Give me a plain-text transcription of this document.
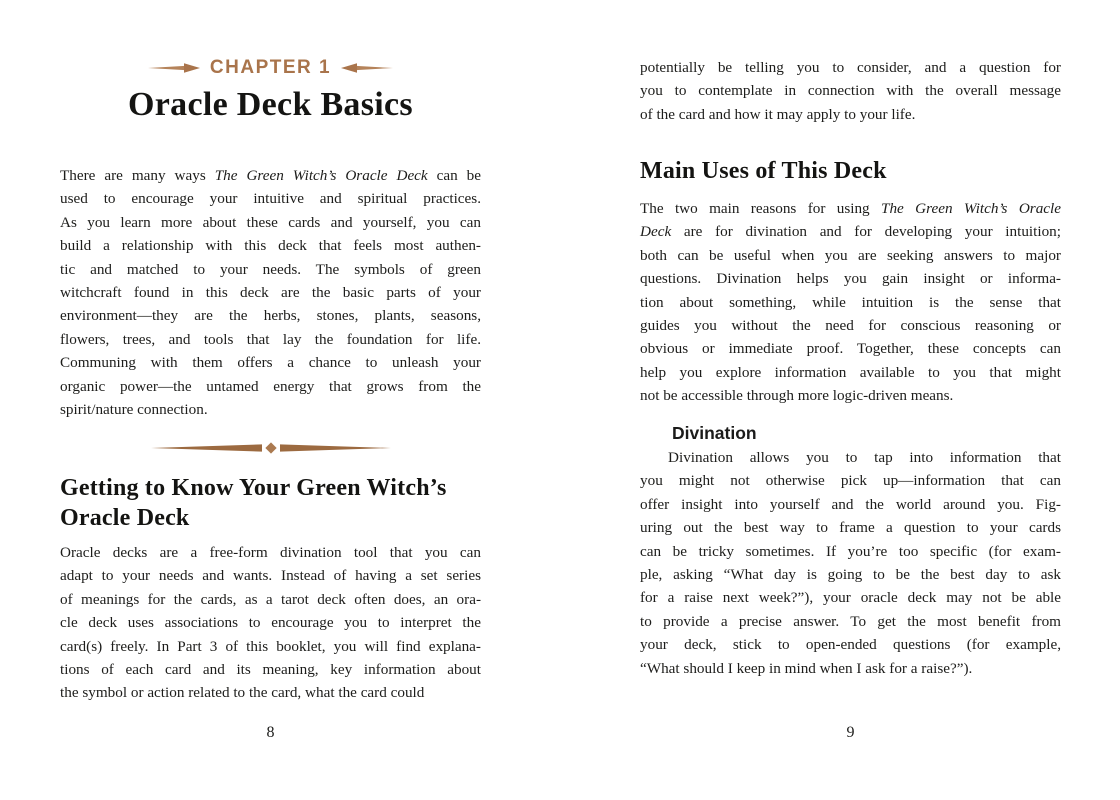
CHAPTER 1
Oracle Deck Basics
There are many ways The Green Witch’s Oracle Deck can be
used to encourage your intuitive and spiritual practices.
As you learn more about these cards and yourself, you can
build a relationship with this deck that feels most authen-
tic and matched to your needs. The symbols of green
witchcraft found in this deck are the basic parts of your
environment—they are the herbs, stones, plants, seasons,
flowers, trees, and tools that lay the foundation for life.
Communing with them offers a chance to unleash your
organic power—the untamed energy that grows from the
spirit/nature connection.
Getting to Know Your Green Witch’s
Oracle Deck
Oracle decks are a free-form divination tool that you can
adapt to your needs and wants. Instead of having a set series
of meanings for the cards, as a tarot deck often does, an ora-
cle deck uses associations to encourage you to interpret the
card(s) freely. In Part 3 of this booklet, you will find explana-
tions of each card and its meaning, key information about
the symbol or action related to the card, what the card could
8
potentially be telling you to consider, and a question for
you to contemplate in connection with the overall message
of the card and how it may apply to your life.
Main Uses of This Deck
The two main reasons for using The Green Witch’s Oracle
Deck are for divination and for developing your intuition;
both can be useful when you are seeking answers to major
questions. Divination helps you gain insight or informa-
tion about something, while intuition is the sense that
guides you without the need for conscious reasoning or
obvious or immediate proof. Together, these concepts can
help you explore information available to you that might
not be accessible through more logic-driven means.
Divination
Divination allows you to tap into information that
you might not otherwise pick up—information that can
offer insight into yourself and the world around you. Fig-
uring out the best way to frame a question to your cards
can be tricky sometimes. If you’re too specific (for exam-
ple, asking “What day is going to be the best day to ask
for a raise next week?”), your oracle deck may not be able
to provide a precise answer. To get the most benefit from
your deck, stick to open-ended questions (for example,
“What should I keep in mind when I ask for a raise?”).
9
